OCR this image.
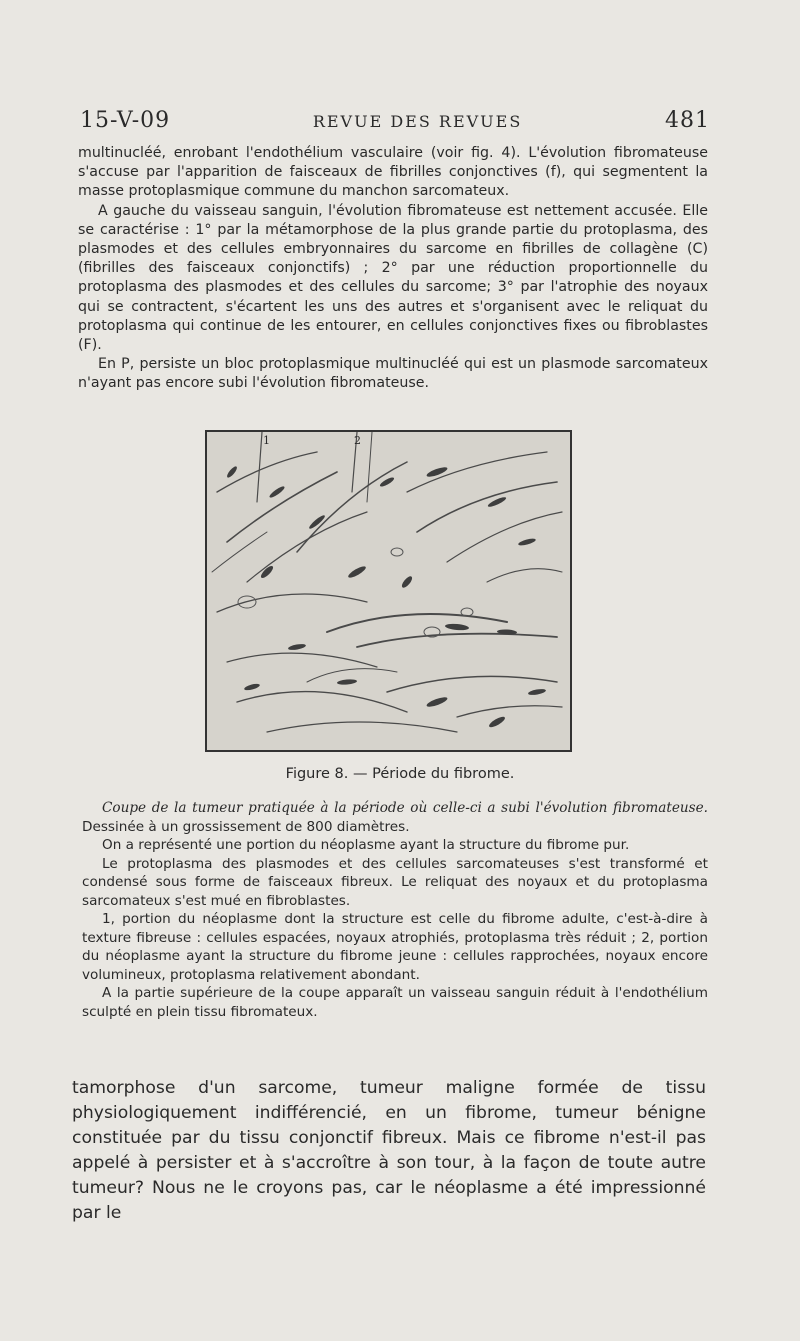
15-V-09	REVUE DES REVUES	481

multinucléé, enrobant l'endothélium vasculaire (voir fig. 4). L'évolution fibromateuse s'accuse par l'apparition de faisceaux de fibrilles conjonctives (f), qui segmentent la masse protoplasmique commune du manchon sarcomateux.

A gauche du vaisseau sanguin, l'évolution fibromateuse est nettement accusée. Elle se caractérise : 1° par la métamorphose de la plus grande partie du protoplasma, des plasmodes et des cellules embryonnaires du sarcome en fibrilles de collagène (C) (fibrilles des faisceaux conjonctifs) ; 2° par une réduction proportionnelle du protoplasma des plasmodes et des cellules du sarcome; 3° par l'atrophie des noyaux qui se contractent, s'écartent les uns des autres et s'organisent avec le reliquat du protoplasma qui continue de les entourer, en cellules conjonctives fixes ou fibroblastes (F).

En P, persiste un bloc protoplasmique multinucléé qui est un plasmode sarcomateux n'ayant pas encore subi l'évolution fibromateuse.

1	2
Figure 8. — Période du fibrome.

Coupe de la tumeur pratiquée à la période où celle-ci a subi l'évolution fibromateuse. Dessinée à un grossissement de 800 diamètres.

On a représenté une portion du néoplasme ayant la structure du fibrome pur.

Le protoplasma des plasmodes et des cellules sarcomateuses s'est transformé et condensé sous forme de faisceaux fibreux. Le reliquat des noyaux et du protoplasma sarcomateux s'est mué en fibroblastes.

1, portion du néoplasme dont la structure est celle du fibrome adulte, c'est-à-dire à texture fibreuse : cellules espacées, noyaux atrophiés, protoplasma très réduit ; 2, portion du néoplasme ayant la structure du fibrome jeune : cellules rapprochées, noyaux encore volumineux, protoplasma relativement abondant.

A la partie supérieure de la coupe apparaît un vaisseau sanguin réduit à l'endothélium sculpté en plein tissu fibromateux.

tamorphose d'un sarcome, tumeur maligne formée de tissu physiologiquement indifférencié, en un fibrome, tumeur bénigne constituée par du tissu conjonctif fibreux. Mais ce fibrome n'est-il pas appelé à persister et à s'accroître à son tour, à la façon de toute autre tumeur? Nous ne le croyons pas, car le néoplasme a été impressionné par le
